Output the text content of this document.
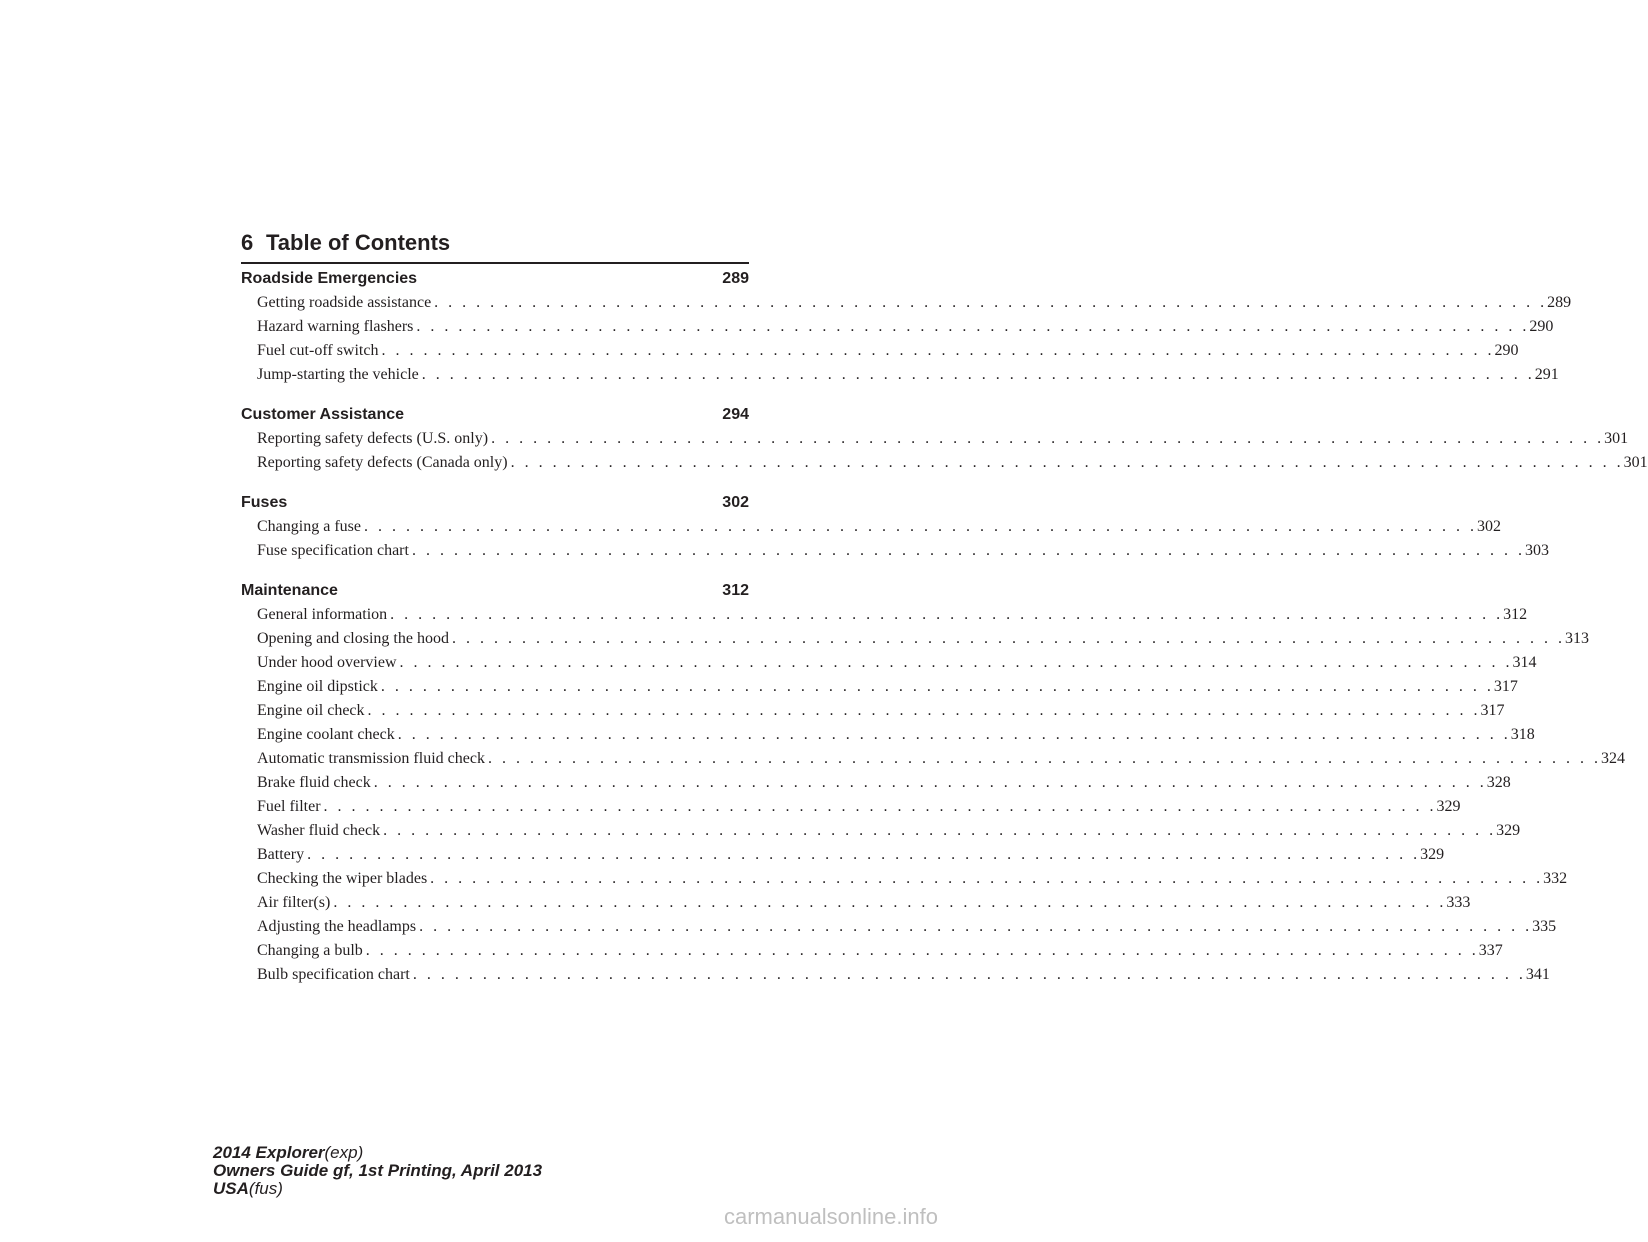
6 Table of Contents
Roadside Emergencies	289
Getting roadside assistance . . . . . . . . . . . . . . . . . . . . . . . . . . . . . . . . . . . . . . . . . . . . . . . . . . . . . . . . . . . . . . . . . . . . . . . . . . . . . . . . 289
Hazard warning flashers . . . . . . . . . . . . . . . . . . . . . . . . . . . . . . . . . . . . . . . . . . . . . . . . . . . . . . . . . . . . . . . . . . . . . . . . . . . . . . . . 290
Fuel cut-off switch . . . . . . . . . . . . . . . . . . . . . . . . . . . . . . . . . . . . . . . . . . . . . . . . . . . . . . . . . . . . . . . . . . . . . . . . . . . . . . . . 290
Jump-starting the vehicle . . . . . . . . . . . . . . . . . . . . . . . . . . . . . . . . . . . . . . . . . . . . . . . . . . . . . . . . . . . . . . . . . . . . . . . . . . . . . . . . 291
Customer Assistance	294
Reporting safety defects (U.S. only) . . . . . . . . . . . . . . . . . . . . . . . . . . . . . . . . . . . . . . . . . . . . . . . . . . . . . . . . . . . . . . . . . . . . . . . . . . . . . . . . 301
Reporting safety defects (Canada only) . . . . . . . . . . . . . . . . . . . . . . . . . . . . . . . . . . . . . . . . . . . . . . . . . . . . . . . . . . . . . . . . . . . . . . . . . . . . . . . . 301
Fuses	302
Changing a fuse . . . . . . . . . . . . . . . . . . . . . . . . . . . . . . . . . . . . . . . . . . . . . . . . . . . . . . . . . . . . . . . . . . . . . . . . . . . . . . . . 302
Fuse specification chart . . . . . . . . . . . . . . . . . . . . . . . . . . . . . . . . . . . . . . . . . . . . . . . . . . . . . . . . . . . . . . . . . . . . . . . . . . . . . . . . 303
Maintenance	312
General information . . . . . . . . . . . . . . . . . . . . . . . . . . . . . . . . . . . . . . . . . . . . . . . . . . . . . . . . . . . . . . . . . . . . . . . . . . . . . . . . 312
Opening and closing the hood . . . . . . . . . . . . . . . . . . . . . . . . . . . . . . . . . . . . . . . . . . . . . . . . . . . . . . . . . . . . . . . . . . . . . . . . . . . . . . . . 313
Under hood overview . . . . . . . . . . . . . . . . . . . . . . . . . . . . . . . . . . . . . . . . . . . . . . . . . . . . . . . . . . . . . . . . . . . . . . . . . . . . . . . . 314
Engine oil dipstick . . . . . . . . . . . . . . . . . . . . . . . . . . . . . . . . . . . . . . . . . . . . . . . . . . . . . . . . . . . . . . . . . . . . . . . . . . . . . . . . 317
Engine oil check . . . . . . . . . . . . . . . . . . . . . . . . . . . . . . . . . . . . . . . . . . . . . . . . . . . . . . . . . . . . . . . . . . . . . . . . . . . . . . . . 317
Engine coolant check . . . . . . . . . . . . . . . . . . . . . . . . . . . . . . . . . . . . . . . . . . . . . . . . . . . . . . . . . . . . . . . . . . . . . . . . . . . . . . . . 318
Automatic transmission fluid check . . . . . . . . . . . . . . . . . . . . . . . . . . . . . . . . . . . . . . . . . . . . . . . . . . . . . . . . . . . . . . . . . . . . . . . . . . . . . . . . 324
Brake fluid check . . . . . . . . . . . . . . . . . . . . . . . . . . . . . . . . . . . . . . . . . . . . . . . . . . . . . . . . . . . . . . . . . . . . . . . . . . . . . . . . 328
Fuel filter . . . . . . . . . . . . . . . . . . . . . . . . . . . . . . . . . . . . . . . . . . . . . . . . . . . . . . . . . . . . . . . . . . . . . . . . . . . . . . . . 329
Washer fluid check . . . . . . . . . . . . . . . . . . . . . . . . . . . . . . . . . . . . . . . . . . . . . . . . . . . . . . . . . . . . . . . . . . . . . . . . . . . . . . . . 329
Battery . . . . . . . . . . . . . . . . . . . . . . . . . . . . . . . . . . . . . . . . . . . . . . . . . . . . . . . . . . . . . . . . . . . . . . . . . . . . . . . . 329
Checking the wiper blades . . . . . . . . . . . . . . . . . . . . . . . . . . . . . . . . . . . . . . . . . . . . . . . . . . . . . . . . . . . . . . . . . . . . . . . . . . . . . . . . 332
Air filter(s) . . . . . . . . . . . . . . . . . . . . . . . . . . . . . . . . . . . . . . . . . . . . . . . . . . . . . . . . . . . . . . . . . . . . . . . . . . . . . . . . 333
Adjusting the headlamps . . . . . . . . . . . . . . . . . . . . . . . . . . . . . . . . . . . . . . . . . . . . . . . . . . . . . . . . . . . . . . . . . . . . . . . . . . . . . . . . 335
Changing a bulb . . . . . . . . . . . . . . . . . . . . . . . . . . . . . . . . . . . . . . . . . . . . . . . . . . . . . . . . . . . . . . . . . . . . . . . . . . . . . . . . 337
Bulb specification chart . . . . . . . . . . . . . . . . . . . . . . . . . . . . . . . . . . . . . . . . . . . . . . . . . . . . . . . . . . . . . . . . . . . . . . . . . . . . . . . . 341
2014 Explorer(exp)
Owners Guide gf, 1st Printing, April 2013
USA(fus)
carmanualsonline.info
